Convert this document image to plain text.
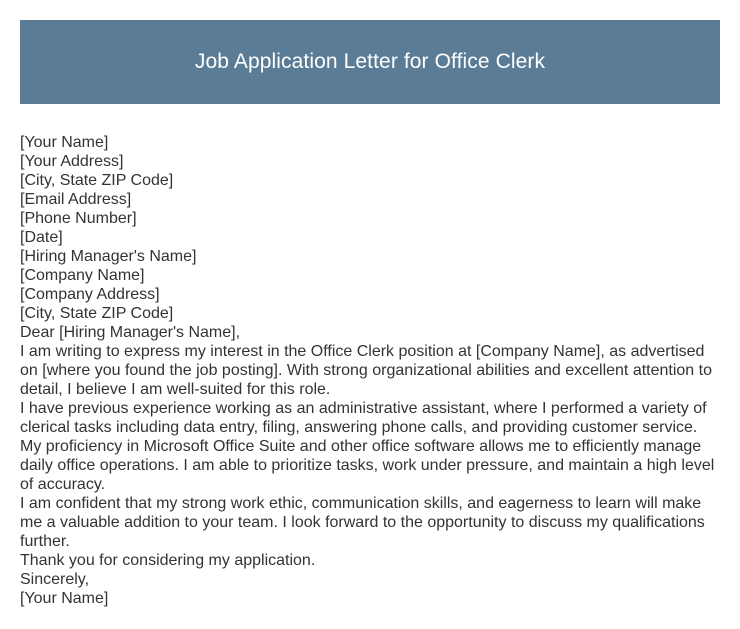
Job Application Letter for Office Clerk
[Your Name]
[Your Address]
[City, State ZIP Code]
[Email Address]
[Phone Number]
[Date]
[Hiring Manager's Name]
[Company Name]
[Company Address]
[City, State ZIP Code]
Dear [Hiring Manager's Name],
I am writing to express my interest in the Office Clerk position at [Company Name], as advertised on [where you found the job posting]. With strong organizational abilities and excellent attention to detail, I believe I am well-suited for this role.
I have previous experience working as an administrative assistant, where I performed a variety of clerical tasks including data entry, filing, answering phone calls, and providing customer service.
My proficiency in Microsoft Office Suite and other office software allows me to efficiently manage daily office operations. I am able to prioritize tasks, work under pressure, and maintain a high level of accuracy.
I am confident that my strong work ethic, communication skills, and eagerness to learn will make me a valuable addition to your team. I look forward to the opportunity to discuss my qualifications further.
Thank you for considering my application.
Sincerely,
[Your Name]
